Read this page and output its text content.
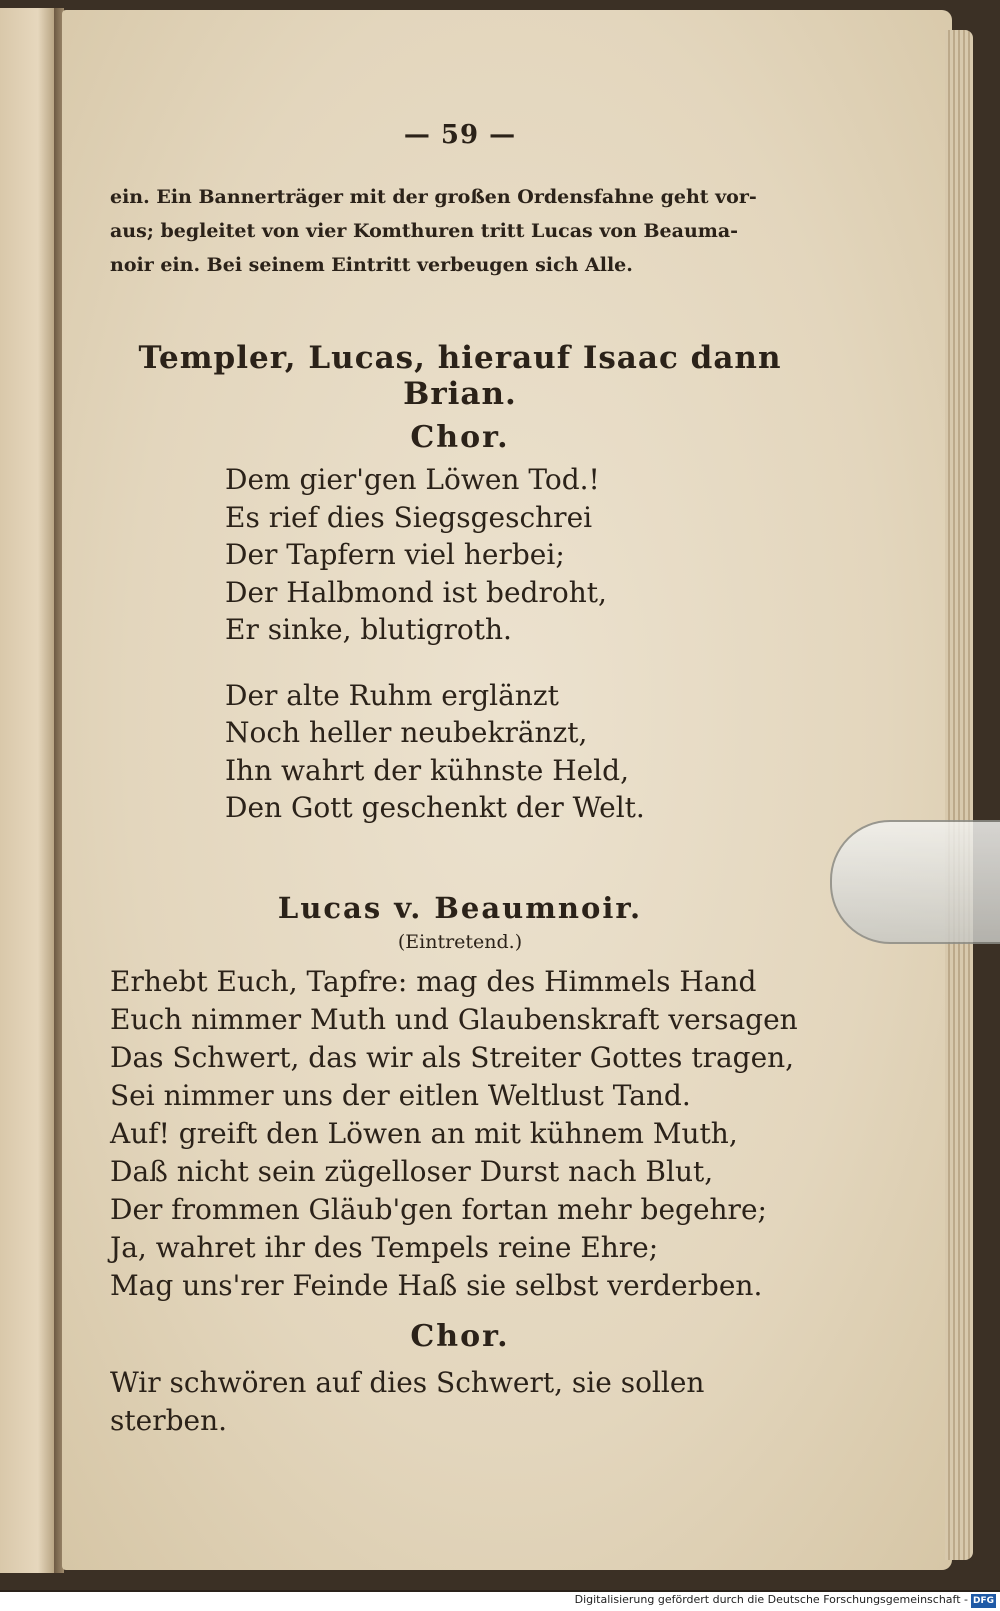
— 59 —
ein. Ein Bannerträger mit der großen Ordensfahne geht vor-
aus; begleitet von vier Komthuren tritt Lucas von Beauma-
noir ein. Bei seinem Eintritt verbeugen sich Alle.
Templer, Lucas, hierauf Isaac dann Brian.
Chor.
Dem gier'gen Löwen Tod.!
Es rief dies Siegsgeschrei
Der Tapfern viel herbei;
Der Halbmond ist bedroht,
Er sinke, blutigroth.
Der alte Ruhm erglänzt
Noch heller neubekränzt,
Ihn wahrt der kühnste Held,
Den Gott geschenkt der Welt.
Lucas v. Beaumnoir.
(Eintretend.)
Erhebt Euch, Tapfre: mag des Himmels Hand
Euch nimmer Muth und Glaubenskraft versagen
Das Schwert, das wir als Streiter Gottes tragen,
Sei nimmer uns der eitlen Weltlust Tand.
Auf! greift den Löwen an mit kühnem Muth,
Daß nicht sein zügelloser Durst nach Blut,
Der frommen Gläub'gen fortan mehr begehre;
Ja, wahret ihr des Tempels reine Ehre;
Mag uns'rer Feinde Haß sie selbst verderben.
Chor.
Wir schwören auf dies Schwert, sie sollen sterben.
Digitalisierung gefördert durch die Deutsche Forschungsgemeinschaft - DFG
